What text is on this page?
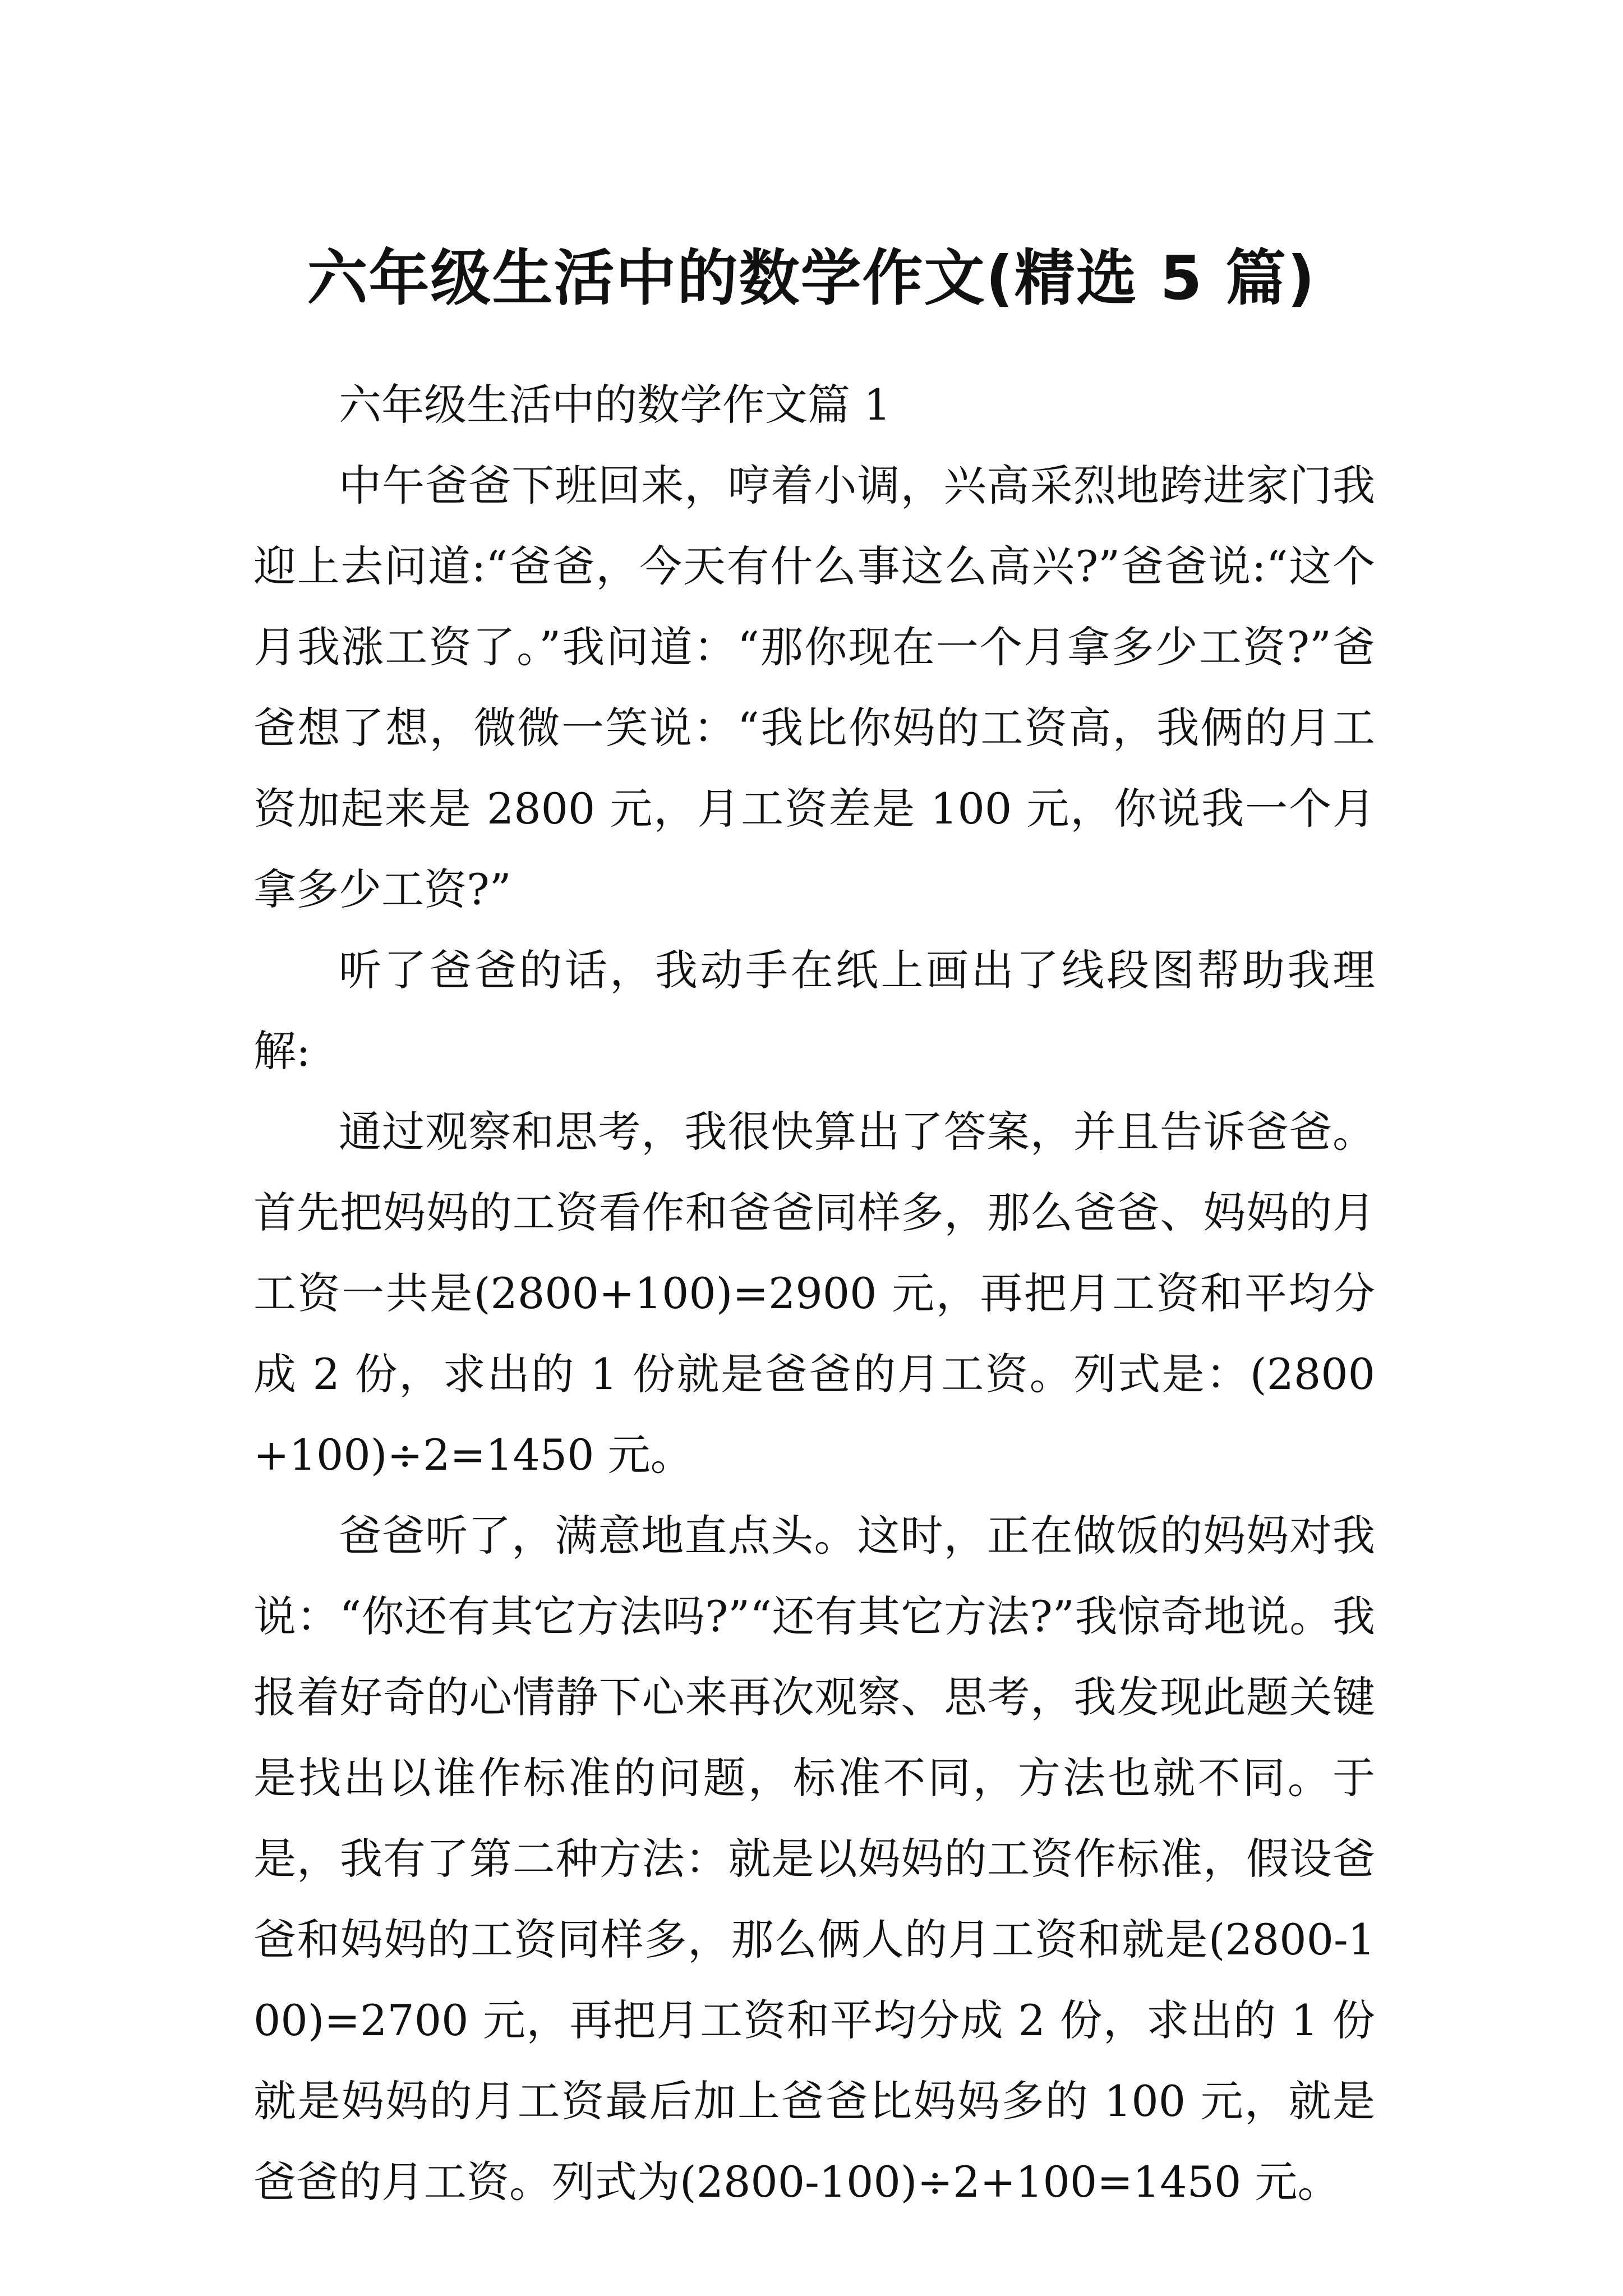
六年级生活中的数学作文(精选 5 篇)

六年级生活中的数学作文篇 1

中午爸爸下班回来，哼着小调，兴高采烈地跨进家门我迎上去问道:“爸爸，今天有什么事这么高兴?”爸爸说:“这个月我涨工资了。”我问道：“那你现在一个月拿多少工资?”爸爸想了想，微微一笑说：“我比你妈的工资高，我俩的月工资加起来是 2800 元，月工资差是 100 元，你说我一个月拿多少工资?”

听了爸爸的话，我动手在纸上画出了线段图帮助我理解:

通过观察和思考，我很快算出了答案，并且告诉爸爸。首先把妈妈的工资看作和爸爸同样多，那么爸爸、妈妈的月工资一共是(2800+100)=2900 元，再把月工资和平均分成 2 份，求出的 1 份就是爸爸的月工资。列式是：(2800+100)÷2=1450 元。

爸爸听了，满意地直点头。这时，正在做饭的妈妈对我说：“你还有其它方法吗?”“还有其它方法?”我惊奇地说。我报着好奇的心情静下心来再次观察、思考，我发现此题关键是找出以谁作标准的问题，标准不同，方法也就不同。于是，我有了第二种方法：就是以妈妈的工资作标准，假设爸爸和妈妈的工资同样多，那么俩人的月工资和就是(2800-100)=2700 元，再把月工资和平均分成 2 份，求出的 1 份就是妈妈的月工资最后加上爸爸比妈妈多的 100 元，就是爸爸的月工资。列式为(2800-100)÷2+100=1450 元。
